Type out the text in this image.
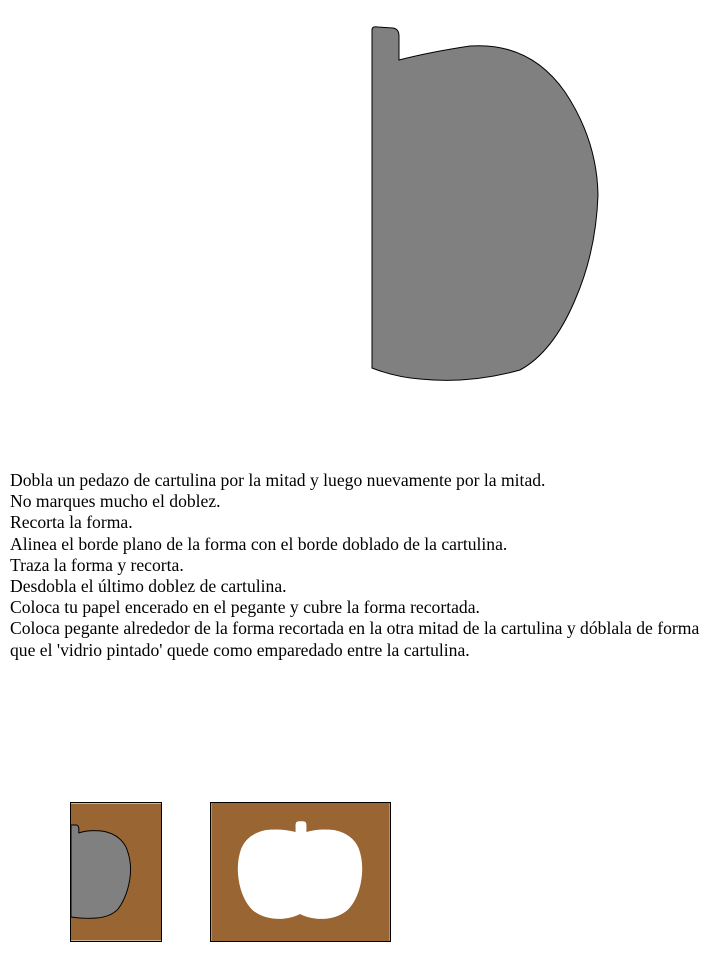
Dobla un pedazo de cartulina por la mitad y luego nuevamente por la mitad.
No marques mucho el doblez.
Recorta la forma.
Alinea el borde plano de la forma con el borde doblado de la cartulina.
Traza la forma y recorta.
Desdobla el último doblez de cartulina.
Coloca tu papel encerado en el pegante y cubre la forma recortada.
Coloca pegante alrededor de la forma recortada en la otra mitad de la cartulina y dóblala de forma que el 'vidrio pintado' quede como emparedado entre la cartulina.
